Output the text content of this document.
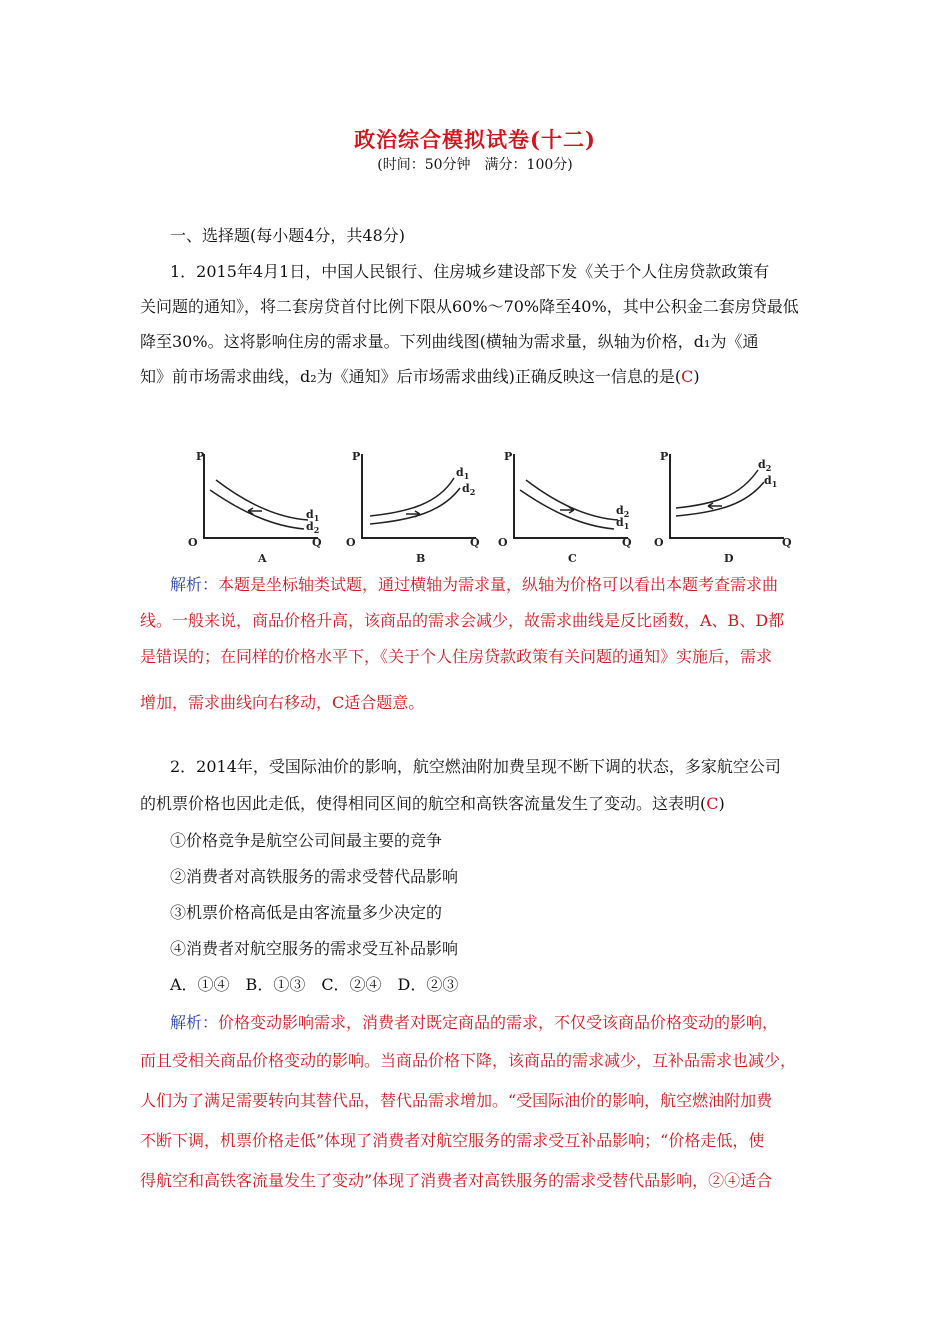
政治综合模拟试卷(十二)
(时间：50分钟　满分：100分)
一、选择题(每小题4分，共48分)
1．2015年4月1日，中国人民银行、住房城乡建设部下发《关于个人住房贷款政策有
关问题的通知》，将二套房贷首付比例下限从60%～70%降至40%，其中公积金二套房贷最低
降至30%。这将影响住房的需求量。下列曲线图(横轴为需求量，纵轴为价格，d₁为《通
知》前市场需求曲线，d₂为《通知》后市场需求曲线)正确反映这一信息的是(C)
P
O	Q
$d_1$
$d_2$
A
P
O	Q
$d_1$
$d_2$
B
P
O	Q
$d_2$
$d_1$
C
P
O	Q
$d_2$
$d_1$
D
解析：本题是坐标轴类试题，通过横轴为需求量，纵轴为价格可以看出本题考查需求曲
线。一般来说，商品价格升高，该商品的需求会减少，故需求曲线是反比函数，A、B、D都
是错误的；在同样的价格水平下，《关于个人住房贷款政策有关问题的通知》实施后，需求
增加，需求曲线向右移动，C适合题意。
2．2014年，受国际油价的影响，航空燃油附加费呈现不断下调的状态，多家航空公司
的机票价格也因此走低，使得相同区间的航空和高铁客流量发生了变动。这表明(C)
①价格竞争是航空公司间最主要的竞争
②消费者对高铁服务的需求受替代品影响
③机票价格高低是由客流量多少决定的
④消费者对航空服务的需求受互补品影响
A．①④　B．①③　C．②④　D．②③
解析：价格变动影响需求，消费者对既定商品的需求，不仅受该商品价格变动的影响，
而且受相关商品价格变动的影响。当商品价格下降，该商品的需求减少，互补品需求也减少，
人们为了满足需要转向其替代品，替代品需求增加。“受国际油价的影响，航空燃油附加费
不断下调，机票价格走低”体现了消费者对航空服务的需求受互补品影响；“价格走低，使
得航空和高铁客流量发生了变动”体现了消费者对高铁服务的需求受替代品影响，②④适合
